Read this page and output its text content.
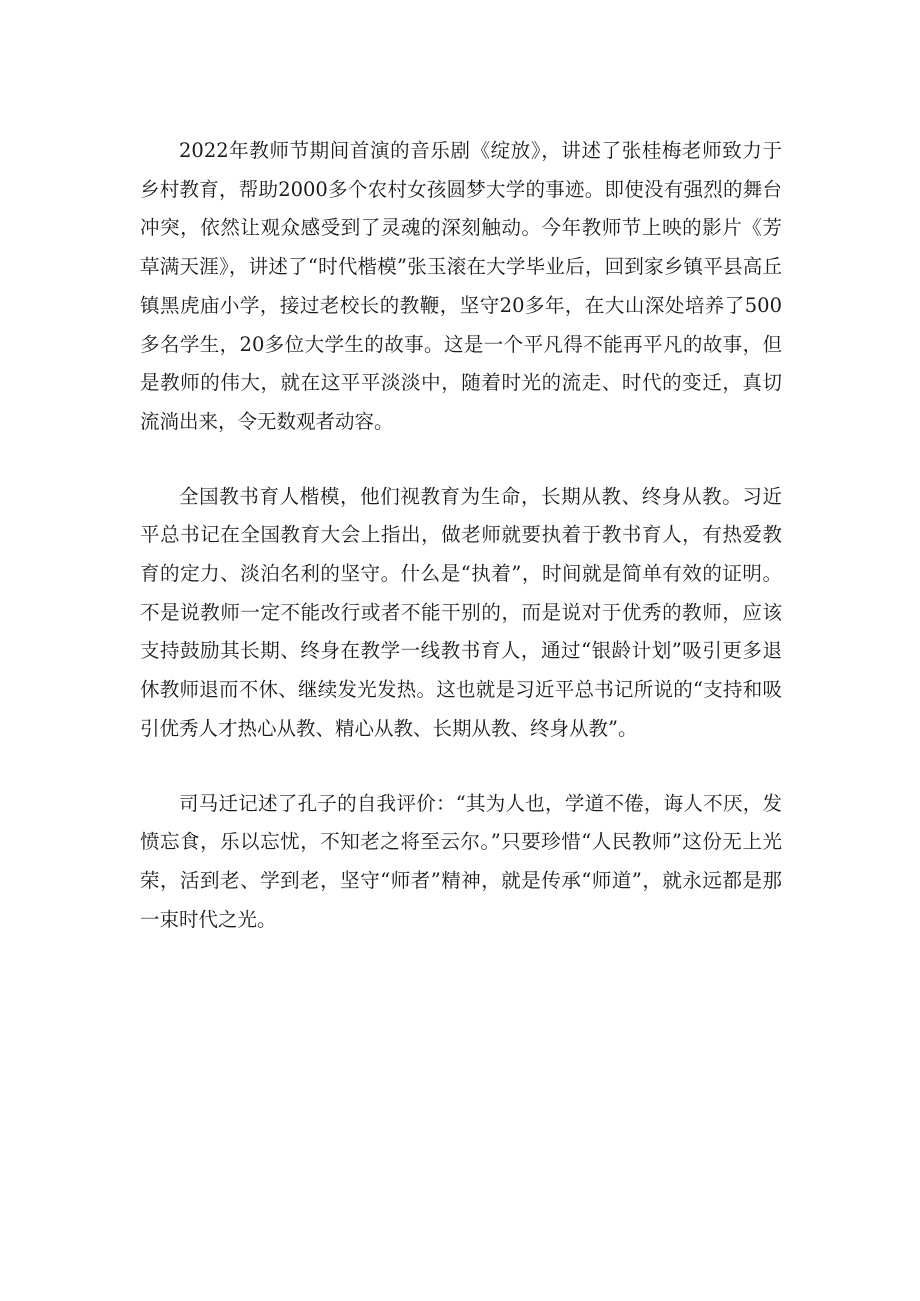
2022年教师节期间首演的音乐剧《绽放》，讲述了张桂梅老师致力于乡村教育，帮助2000多个农村女孩圆梦大学的事迹。即使没有强烈的舞台冲突，依然让观众感受到了灵魂的深刻触动。今年教师节上映的影片《芳草满天涯》，讲述了“时代楷模”张玉滚在大学毕业后，回到家乡镇平县高丘镇黑虎庙小学，接过老校长的教鞭，坚守20多年，在大山深处培养了500多名学生，20多位大学生的故事。这是一个平凡得不能再平凡的故事，但是教师的伟大，就在这平平淡淡中，随着时光的流走、时代的变迁，真切流淌出来，令无数观者动容。

全国教书育人楷模，他们视教育为生命，长期从教、终身从教。习近平总书记在全国教育大会上指出，做老师就要执着于教书育人，有热爱教育的定力、淡泊名利的坚守。什么是“执着”，时间就是简单有效的证明。不是说教师一定不能改行或者不能干别的，而是说对于优秀的教师，应该支持鼓励其长期、终身在教学一线教书育人，通过“银龄计划”吸引更多退休教师退而不休、继续发光发热。这也就是习近平总书记所说的“支持和吸引优秀人才热心从教、精心从教、长期从教、终身从教”。

司马迁记述了孔子的自我评价：“其为人也，学道不倦，诲人不厌，发愤忘食，乐以忘忧，不知老之将至云尔。”只要珍惜“人民教师”这份无上光荣，活到老、学到老，坚守“师者”精神，就是传承“师道”，就永远都是那一束时代之光。
